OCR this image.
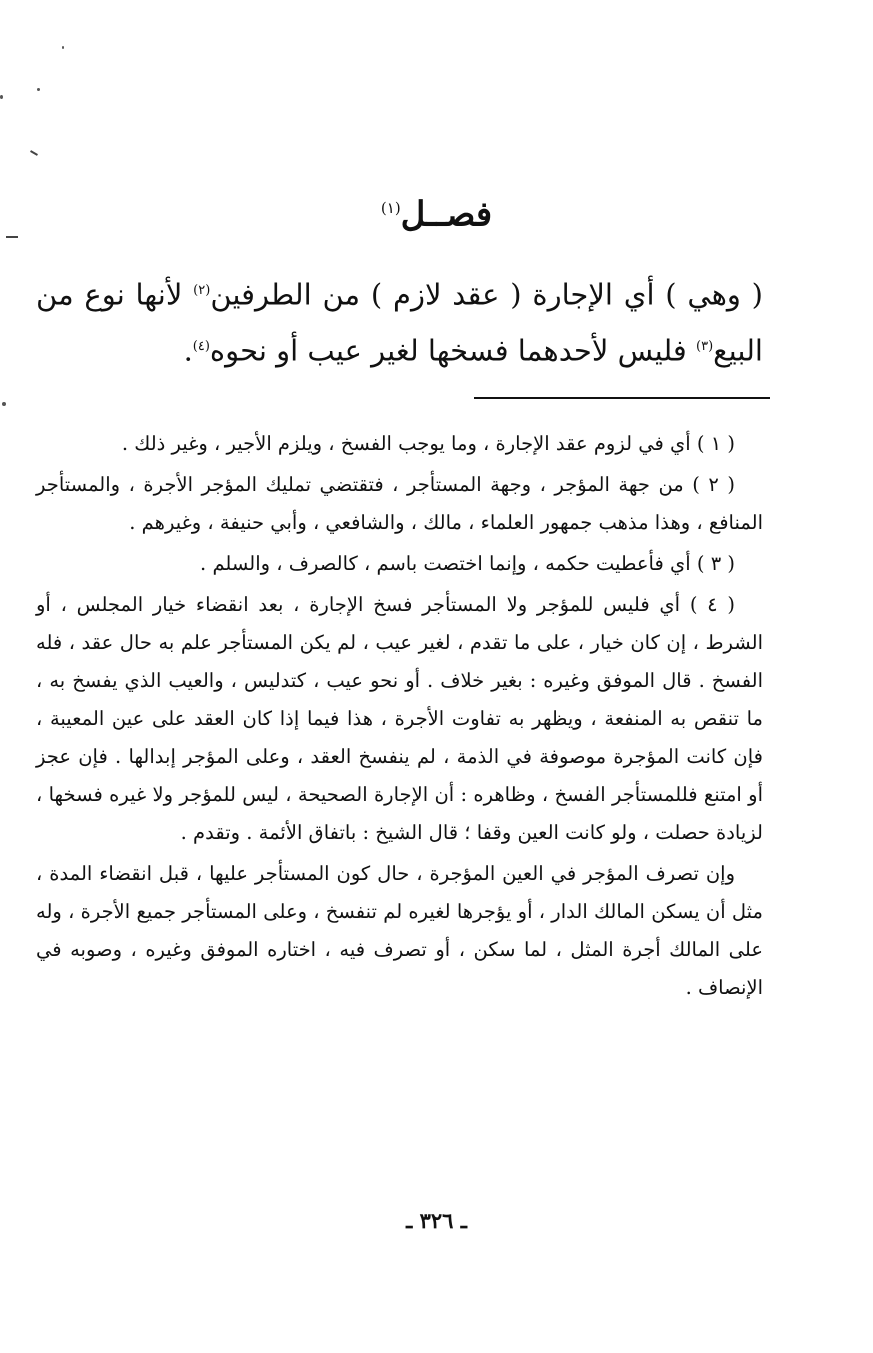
فصــل$^{(١)}$
( وهي ) أي الإجارة ( عقد لازم ) من الطرفين$^{(٢)}$ لأنها نوع من البيع$^{(٣)}$ فليس لأحدهما فسخها لغير عيب أو نحوه$^{(٤)}$.

( ١ ) أي في لزوم عقد الإجارة ، وما يوجب الفسخ ، ويلزم الأجير ، وغير ذلك .

( ٢ ) من جهة المؤجر ، وجهة المستأجر ، فتقتضي تمليك المؤجر الأجرة ، والمستأجر المنافع ، وهذا مذهب جمهور العلماء ، مالك ، والشافعي ، وأبي حنيفة ، وغيرهم .

( ٣ ) أي فأعطيت حكمه ، وإنما اختصت باسم ، كالصرف ، والسلم .

( ٤ ) أي فليس للمؤجر ولا المستأجر فسخ الإجارة ، بعد انقضاء خيار المجلس ، أو الشرط ، إن كان خيار ، على ما تقدم ، لغير عيب ، لم يكن المستأجر علم به حال عقد ، فله الفسخ . قال الموفق وغيره : بغير خلاف . أو نحو عيب ، كتدليس ، والعيب الذي يفسخ به ، ما تنقص به المنفعة ، ويظهر به تفاوت الأجرة ، هذا فيما إذا كان العقد على عين المعيبة ، فإن كانت المؤجرة موصوفة في الذمة ، لم ينفسخ العقد ، وعلى المؤجر إبدالها . فإن عجز أو امتنع فللمستأجر الفسخ ، وظاهره : أن الإجارة الصحيحة ، ليس للمؤجر ولا غيره فسخها ، لزيادة حصلت ، ولو كانت العين وقفا ؛ قال الشيخ : باتفاق الأئمة . وتقدم .

وإن تصرف المؤجر في العين المؤجرة ، حال كون المستأجر عليها ، قبل انقضاء المدة ، مثل أن يسكن المالك الدار ، أو يؤجرها لغيره لم تنفسخ ، وعلى المستأجر جميع الأجرة ، وله على المالك أجرة المثل ، لما سكن ، أو تصرف فيه ، اختاره الموفق وغيره ، وصوبه في الإنصاف .

ـ ٣٢٦ ـ
